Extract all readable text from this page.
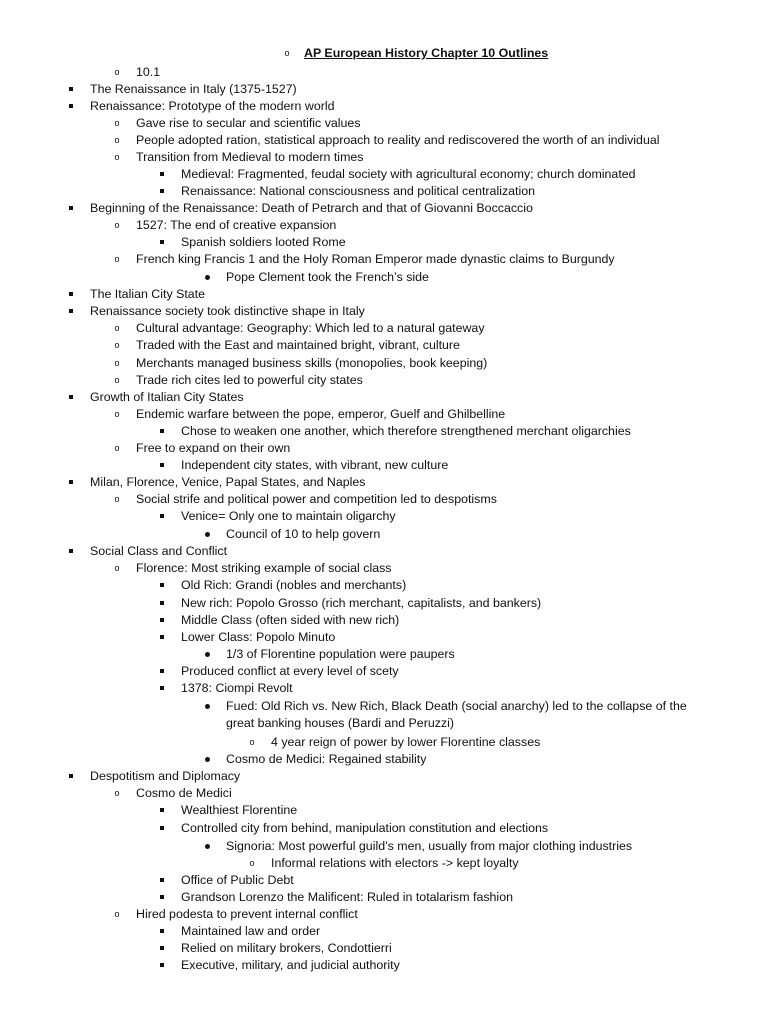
o AP European History Chapter 10 Outlines
o 10.1
The Renaissance in Italy (1375-1527)
Renaissance: Prototype of the modern world
o Gave rise to secular and scientific values
o People adopted ration, statistical approach to reality and rediscovered the worth of an individual
o Transition from Medieval to modern times
Medieval: Fragmented, feudal society with agricultural economy; church dominated
Renaissance: National consciousness and political centralization
Beginning of the Renaissance: Death of Petrarch and that of Giovanni Boccaccio
o 1527: The end of creative expansion
Spanish soldiers looted Rome
o French king Francis 1 and the Holy Roman Emperor made dynastic claims to Burgundy
Pope Clement took the French’s side
The Italian City State
Renaissance society took distinctive shape in Italy
o Cultural advantage: Geography: Which led to a natural gateway
o Traded with the East and maintained bright, vibrant, culture
o Merchants managed business skills (monopolies, book keeping)
o Trade rich cites led to powerful city states
Growth of Italian City States
o Endemic warfare between the pope, emperor, Guelf and Ghilbelline
Chose to weaken one another, which therefore strengthened merchant oligarchies
o Free to expand on their own
Independent city states, with vibrant, new culture
Milan, Florence, Venice, Papal States, and Naples
o Social strife and political power and competition led to despotisms
Venice= Only one to maintain oligarchy
Council of 10 to help govern
Social Class and Conflict
o Florence: Most striking example of social class
Old Rich: Grandi (nobles and merchants)
New rich: Popolo Grosso (rich merchant, capitalists, and bankers)
Middle Class (often sided with new rich)
Lower Class: Popolo Minuto
1/3 of Florentine population were paupers
Produced conflict at every level of scety
1378: Ciompi Revolt
Fued: Old Rich vs. New Rich, Black Death (social anarchy) led to the collapse of the great banking houses (Bardi and Peruzzi)
o 4 year reign of power by lower Florentine classes
Cosmo de Medici: Regained stability
Despotitism and Diplomacy
o Cosmo de Medici
Wealthiest Florentine
Controlled city from behind, manipulation constitution and elections
Signoria: Most powerful guild’s men, usually from major clothing industries
o Informal relations with electors -> kept loyalty
Office of Public Debt
Grandson Lorenzo the Malificent: Ruled in totalarism fashion
o Hired podesta to prevent internal conflict
Maintained law and order
Relied on military brokers, Condottierri
Executive, military, and judicial authority
